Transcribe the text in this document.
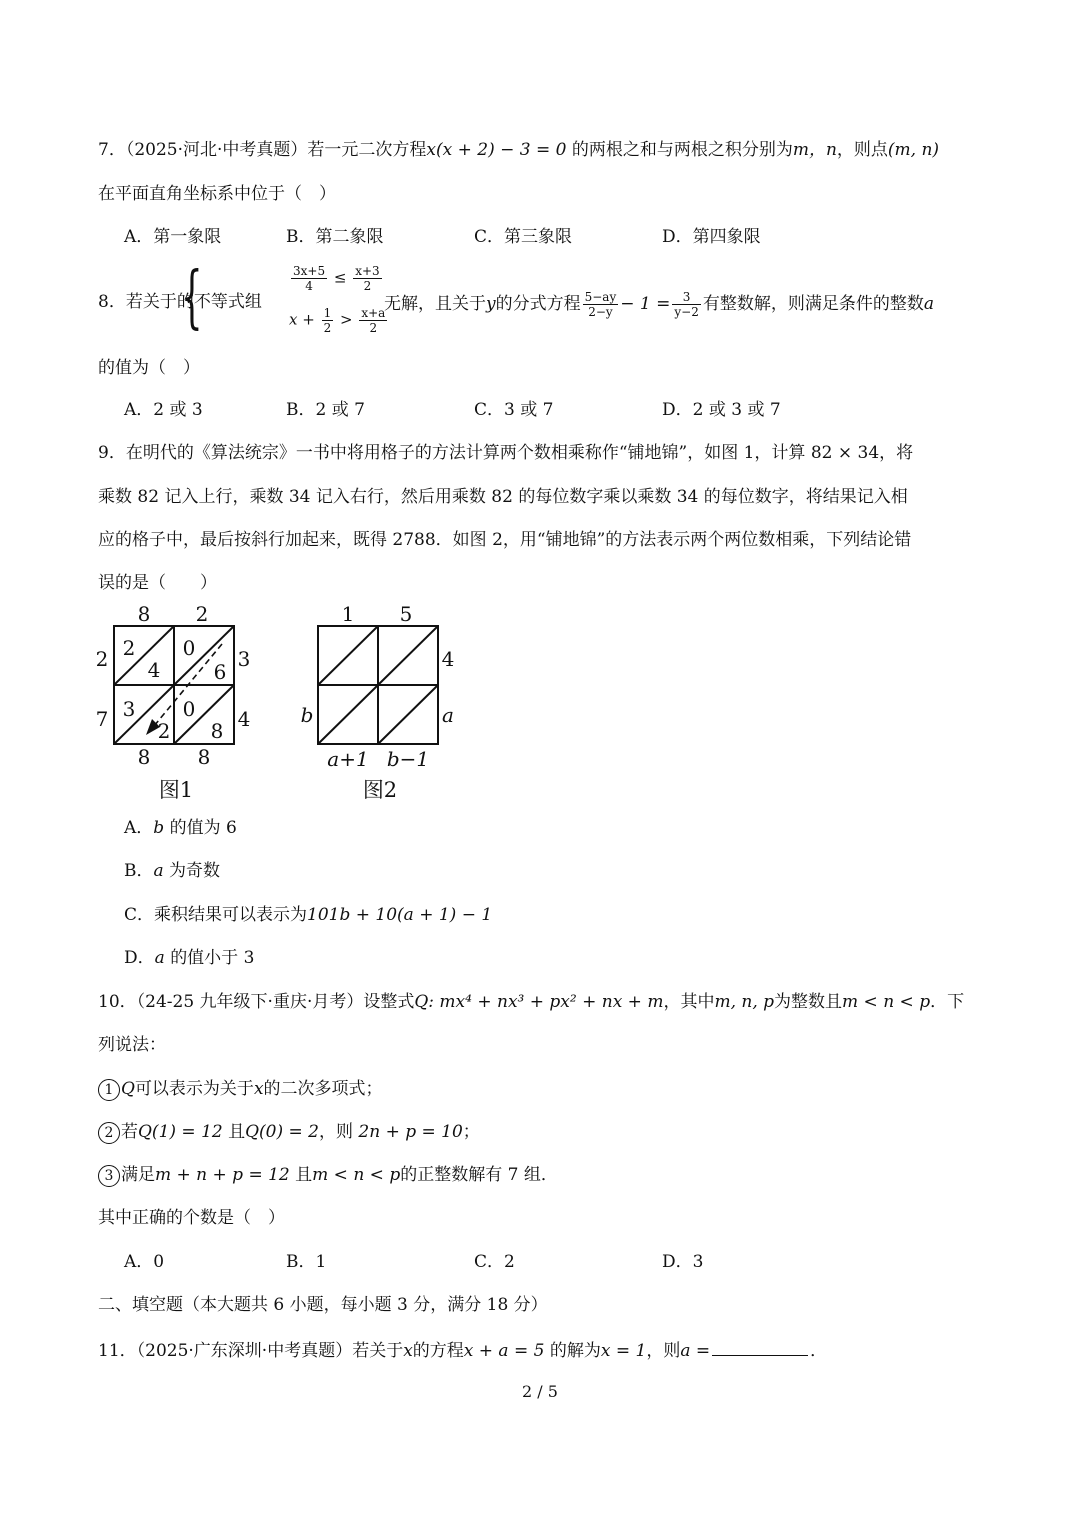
7．（2025·河北·中考真题）若一元二次方程x(x + 2) − 3 = 0 的两根之和与两根之积分别为m，n，则点(m, n)
在平面直角坐标系中位于（　）
A．第一象限	B．第二象限	C．第三象限	D．第四象限
8．若关于的不等式组
{	$\frac{3x+5}{4} \le \frac{x+3}{2}$
$x + \frac{1}{2} > \frac{x+a}{2}$
无解，且关于y的分式方程 $\frac{5-ay}{2-y} - 1 = \frac{3}{y-2}$ 有整数解，则满足条件的整数a
的值为（　）
A．2 或 3	B．2 或 7	C．3 或 7	D．2 或 3 或 7
9．在明代的《算法统宗》一书中将用格子的方法计算两个数相乘称作“铺地锦”，如图 1，计算 82 × 34，将
乘数 82 记入上行，乘数 34 记入右行，然后用乘数 82 的每位数字乘以乘数 34 的每位数字，将结果记入相
应的格子中，最后按斜行加起来，既得 2788．如图 2，用“铺地锦”的方法表示两个两位数相乘，下列结论错
误的是（　　）
8 2
2
7
3
4
8 8
2
4
0
6
3
2
0
8
图1
1 5
b
4
a
a+1 b−1
图2
A．b 的值为 6
B．a 为奇数
C．乘积结果可以表示为101b + 10(a + 1) − 1
D．a 的值小于 3
10．（24-25 九年级下·重庆·月考）设整式Q: mx⁴ + nx³ + px² + nx + m，其中m, n, p为整数且m < n < p．下
列说法：
1 Q可以表示为关于x的二次多项式；
2 若Q(1) = 12 且Q(0) = 2，则 2n + p = 10；
3 满足m + n + p = 12 且m < n < p的正整数解有 7 组．
其中正确的个数是（　）
A．0	B．1	C．2	D．3
二、填空题（本大题共 6 小题，每小题 3 分，满分 18 分）
11．（2025·广东深圳·中考真题）若关于x的方程x + a = 5 的解为x = 1，则a =	．
2 / 5
